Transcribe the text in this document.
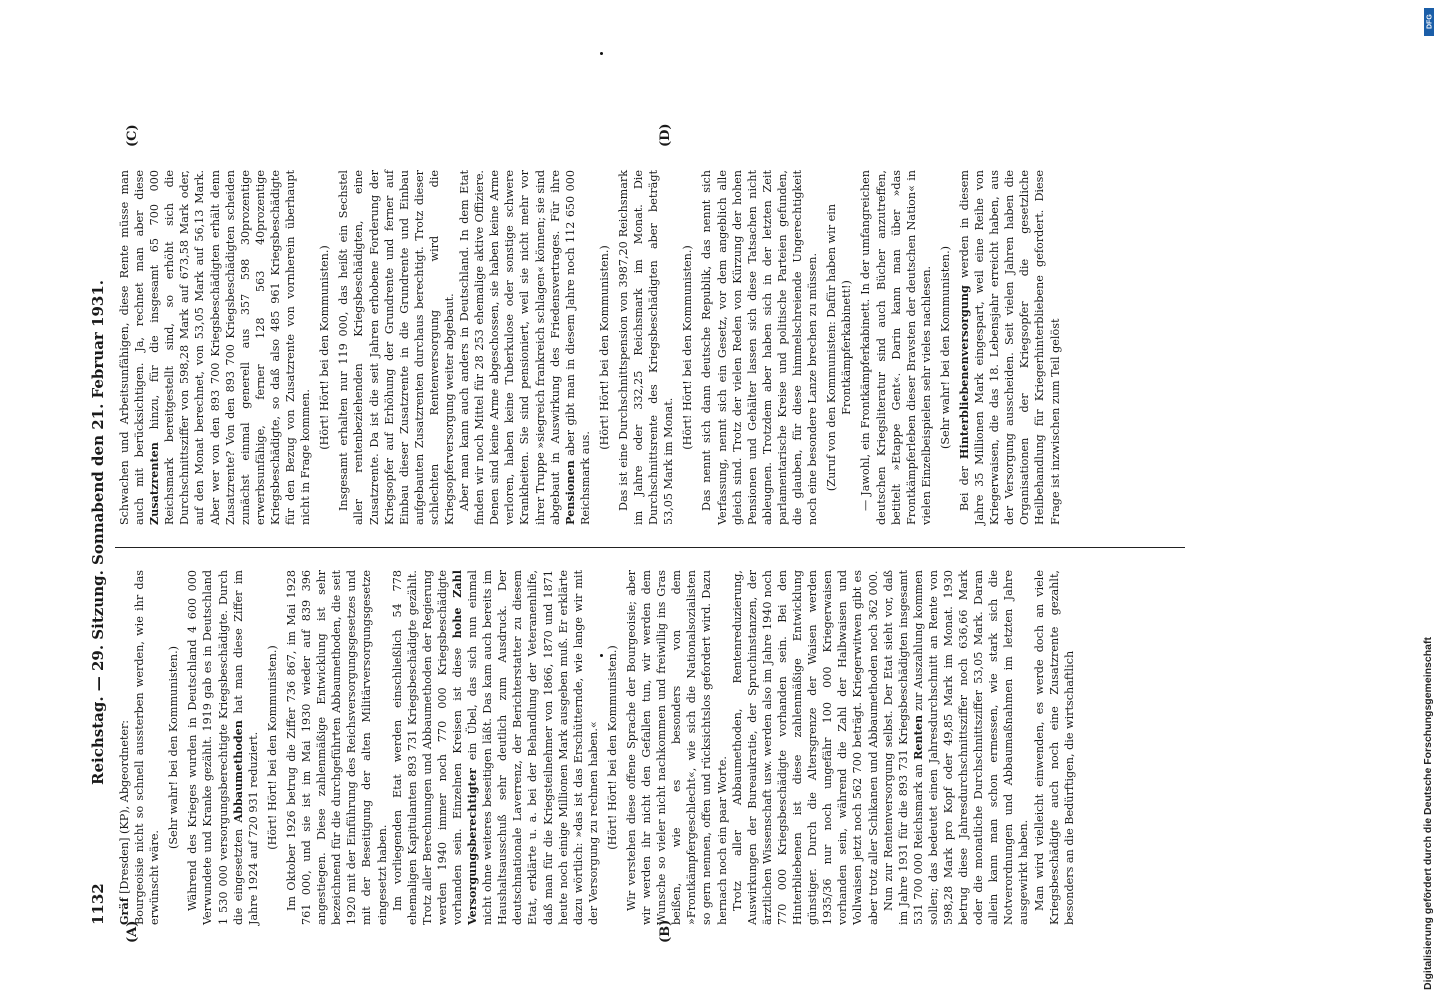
1132
Reichstag. — 29. Sitzung. Sonnabend den 21. Februar 1931.
(A)	(B)
(C)	(D)

Gräf [Dresden] (KP), Abgeordneter: Bourgeoisie nicht so schnell aussterben werden, wie ihr das erwünscht wäre.

(Sehr wahr! bei den Kommunisten.) Während des Krieges wurden in Deutschland 4 600 000 Verwundete und Kranke gezählt. 1919 gab es in Deutschland 1 530 000 versorgungsberechtigte Kriegsbeschädigte. Durch die eingesetzten Abbaumethoden hat man diese Ziffer im Jahre 1924 auf 720 931 reduziert. (Hört! Hört! bei den Kommunisten.) Im Oktober 1926 betrug die Ziffer 736 867, im Mai 1928 761 000, und sie ist im Mai 1930 wieder auf 839 396 angestiegen. Diese zahlenmäßige Entwicklung ist sehr bezeichnend für die durchgeführten Abbaumethoden, die seit 1920 mit der Einführung des Reichsversorgungsgesetzes und mit der Beseitigung der alten Militärversorgungsgesetze eingesetzt haben. Im vorliegenden Etat werden einschließlich 54 778 ehemaligen Kapitulanten 893 731 Kriegsbeschädigte gezählt. Trotz aller Berechnungen und Abbaumethoden der Regierung werden 1940 immer noch 770 000 Kriegsbeschädigte vorhanden sein. Einzelnen Kreisen ist diese hohe Zahl Versorgungsberechtigter ein Übel, das sich nun einmal nicht ohne weiteres beseitigen läßt. Das kam auch bereits im Haushaltsausschuß sehr deutlich zum Ausdruck. Der deutschnationale Laverrenz, der Berichterstatter zu diesem Etat, erklärte u. a. bei der Behandlung der Veteranenhilfe, daß man für die Kriegsteilnehmer von 1866, 1870 und 1871 heute noch einige Millionen Mark ausgeben muß. Er erklärte dazu wörtlich: »das ist das Erschütternde, wie lange wir mit der Versorgung zu rechnen haben.« (Hört! Hört! bei den Kommunisten.) Wir verstehen diese offene Sprache der Bourgeoisie; aber wir werden ihr nicht den Gefallen tun, wir werden dem Wunsche so vieler nicht nachkommen und freiwillig ins Gras beißen, wie es besonders von dem »Frontkämpfergeschlecht«, wie sich die Nationalsozialisten so gern nennen, offen und rücksichtslos gefordert wird. Dazu hernach noch ein paar Worte. Trotz aller Abbaumethoden, Rentenreduzierung, Auswirkungen der Bureaukratie, der Spruchinstanzen, der ärztlichen Wissenschaft usw. werden also im Jahre 1940 noch 770 000 Kriegsbeschädigte vorhanden sein. Bei den Hinterbliebenen ist diese zahlenmäßige Entwicklung günstiger. Durch die Altersgrenze der Waisen werden 1935/36 nur noch ungefähr 100 000 Kriegerwaisen vorhanden sein, während die Zahl der Halbwaisen und Vollwaisen jetzt noch 562 700 beträgt. Kriegerwitwen gibt es aber trotz aller Schikanen und Abbaumethoden noch 362 000. Nun zur Rentenversorgung selbst. Der Etat sieht vor, daß im Jahre 1931 für die 893 731 Kriegsbeschädigten insgesamt 531 700 000 Reichsmark an Renten zur Auszahlung kommen sollen; das bedeutet einen Jahresdurchschnitt an Rente von 598,28 Mark pro Kopf oder 49,85 Mark im Monat. 1930 betrug diese Jahresdurchschnittsziffer noch 636,66 Mark oder die monatliche Durchschnittsziffer 53,05 Mark. Daran allein kann man schon ermessen, wie stark sich die Notverordnungen und Abbaumaßnahmen im letzten Jahre ausgewirkt haben. Man wird vielleicht einwenden, es werde doch an viele Kriegsbeschädigte auch noch eine Zusatzrente gezahlt, besonders an die Bedürftigen, die wirtschaftlich

Schwachen und Arbeitsunfähigen, diese Rente müsse man auch mit berücksichtigen. Ja, rechnet man aber diese Zusatzrenten hinzu, für die insgesamt 65 700 000 Reichsmark bereitgestellt sind, so erhöht sich die Durchschnittsziffer von 598,28 Mark auf 673,58 Mark oder, auf den Monat berechnet, von 53,05 Mark auf 56,13 Mark. Aber wer von den 893 700 Kriegsbeschädigten erhält denn Zusatzrente? Von den 893 700 Kriegsbeschädigten scheiden zunächst einmal generell aus 357 598 30prozentige erwerbsunfähige, ferner 128 563 40prozentige Kriegsbeschädigte, so daß also 485 961 Kriegsbeschädigte für den Bezug von Zusatzrente von vornherein überhaupt nicht in Frage kommen.

(Hört! Hört! bei den Kommunisten.) Insgesamt erhalten nur 119 000, das heißt ein Sechstel aller rentenbeziehenden Kriegsbeschädigten, eine Zusatzrente. Da ist die seit Jahren erhobene Forderung der Kriegsopfer auf Erhöhung der Grundrente und ferner auf Einbau dieser Zusatzrente in die Grundrente und Einbau aufgebauten Zusatzrenten durchaus berechtigt. Trotz dieser schlechten Rentenversorgung wird die Kriegsopferversorgung weiter abgebaut. Aber man kann auch anders in Deutschland. In dem Etat finden wir noch Mittel für 28 253 ehemalige aktive Offiziere. Denen sind keine Arme abgeschossen, sie haben keine Arme verloren, haben keine Tuberkulose oder sonstige schwere Krankheiten. Sie sind pensioniert, weil sie nicht mehr vor ihrer Truppe »siegreich frankreich schlagen« können; sie sind abgebaut in Auswirkung des Friedensvertrages. Für ihre Pensionen aber gibt man in diesem Jahre noch 112 650 000 Reichsmark aus.

(Hört! Hört! bei den Kommunisten.) Das ist eine Durchschnittspension von 3987,20 Reichsmark im Jahre oder 332,25 Reichsmark im Monat. Die Durchschnittsrente des Kriegsbeschädigten aber beträgt 53,05 Mark im Monat.

(Hört! Hört! bei den Kommunisten.) Das nennt sich dann deutsche Republik, das nennt sich Verfassung, nennt sich ein Gesetz, vor dem angeblich alle gleich sind. Trotz der vielen Reden von Kürzung der hohen Pensionen und Gehälter lassen sich diese Tatsachen nicht ableugnen. Trotzdem aber haben sich in der letzten Zeit parlamentarische Kreise und politische Parteien gefunden, die glauben, für diese himmelschreiende Ungerechtigkeit noch eine besondere Lanze brechen zu müssen. (Zuruf von den Kommunisten: Dafür haben wir ein Frontkämpferkabinett!) — Jawohl, ein Frontkämpferkabinett. In der umfangreichen deutschen Kriegsliteratur sind auch Bücher anzutreffen, betitelt »Etappe Gent«. Darin kann man über »das Frontkämpferleben dieser Bravsten der deutschen Nation« in vielen Einzelbeispielen sehr vieles nachlesen. (Sehr wahr! bei den Kommunisten.)

Bei der Hinterbliebenenversorgung werden in diesem Jahre 35 Millionen Mark eingespart, weil eine Reihe von Kriegerwaisen, die das 18. Lebensjahr erreicht haben, aus der Versorgung ausscheiden. Seit vielen Jahren haben die Organisationen der Kriegsopfer die gesetzliche Heilbehandlung für Kriegerhinterbliebene gefordert. Diese Frage ist inzwischen zum Teil gelöst

DFG
Digitalisierung gefördert durch die Deutsche Forschungsgemeinschaft
